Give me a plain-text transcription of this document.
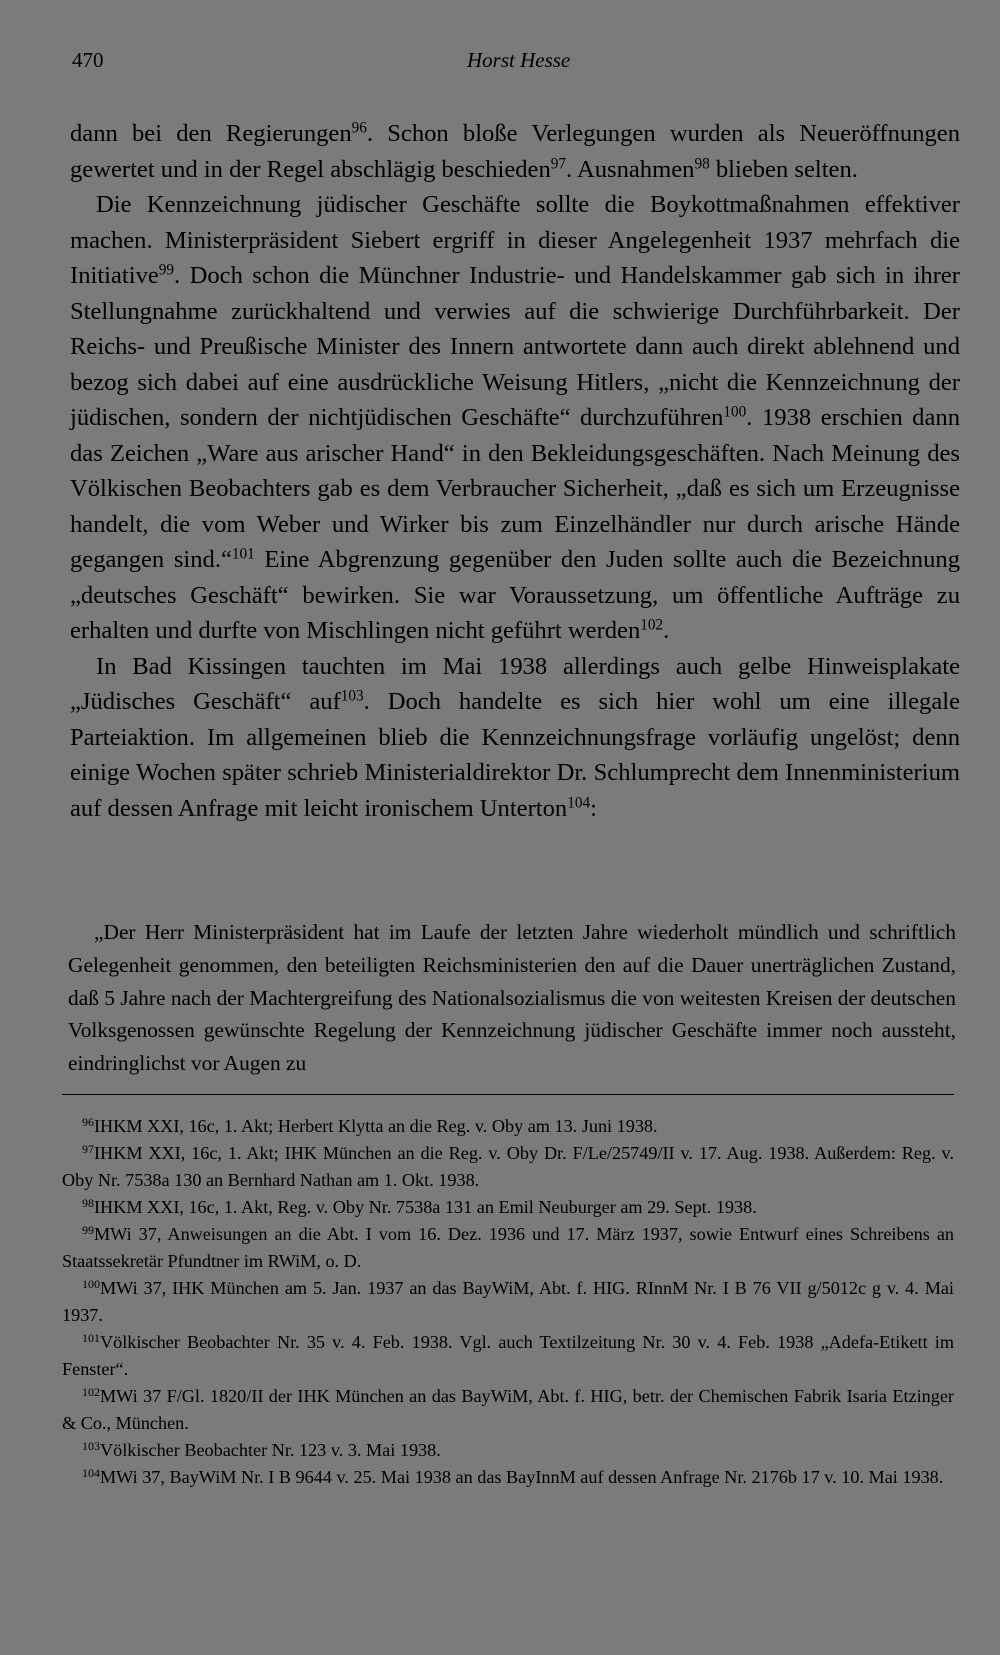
470	Horst Hesse

dann bei den Regierungen$^{96}$. Schon bloße Verlegungen wurden als Neueröffnungen gewertet und in der Regel abschlägig beschieden$^{97}$. Ausnahmen$^{98}$ blieben selten.

Die Kennzeichnung jüdischer Geschäfte sollte die Boykottmaßnahmen effektiver machen. Ministerpräsident Siebert ergriff in dieser Angelegenheit 1937 mehrfach die Initiative$^{99}$. Doch schon die Münchner Industrie- und Handelskammer gab sich in ihrer Stellungnahme zurückhaltend und verwies auf die schwierige Durchführbarkeit. Der Reichs- und Preußische Minister des Innern antwortete dann auch direkt ablehnend und bezog sich dabei auf eine ausdrückliche Weisung Hitlers, „nicht die Kennzeichnung der jüdischen, sondern der nichtjüdischen Geschäfte“ durchzuführen$^{100}$. 1938 erschien dann das Zeichen „Ware aus arischer Hand“ in den Bekleidungsgeschäften. Nach Meinung des Völkischen Beobachters gab es dem Verbraucher Sicherheit, „daß es sich um Erzeugnisse handelt, die vom Weber und Wirker bis zum Einzelhändler nur durch arische Hände gegangen sind.“$^{101}$ Eine Abgrenzung gegenüber den Juden sollte auch die Bezeichnung „deutsches Geschäft“ bewirken. Sie war Voraussetzung, um öffentliche Aufträge zu erhalten und durfte von Mischlingen nicht geführt werden$^{102}$.

In Bad Kissingen tauchten im Mai 1938 allerdings auch gelbe Hinweisplakate „Jüdisches Geschäft“ auf$^{103}$. Doch handelte es sich hier wohl um eine illegale Parteiaktion. Im allgemeinen blieb die Kennzeichnungsfrage vorläufig ungelöst; denn einige Wochen später schrieb Ministerialdirektor Dr. Schlumprecht dem Innenministerium auf dessen Anfrage mit leicht ironischem Unterton$^{104}$:

„Der Herr Ministerpräsident hat im Laufe der letzten Jahre wiederholt mündlich und schriftlich Gelegenheit genommen, den beteiligten Reichsministerien den auf die Dauer unerträglichen Zustand, daß 5 Jahre nach der Machtergreifung des Nationalsozialismus die von weitesten Kreisen der deutschen Volksgenossen gewünschte Regelung der Kennzeichnung jüdischer Geschäfte immer noch aussteht, eindringlichst vor Augen zu

$^{96}$IHKM XXI, 16c, 1. Akt; Herbert Klytta an die Reg. v. Oby am 13. Juni 1938.

$^{97}$IHKM XXI, 16c, 1. Akt; IHK München an die Reg. v. Oby Dr. F/Le/25749/II v. 17. Aug. 1938. Außerdem: Reg. v. Oby Nr. 7538a 130 an Bernhard Nathan am 1. Okt. 1938.

$^{98}$IHKM XXI, 16c, 1. Akt, Reg. v. Oby Nr. 7538a 131 an Emil Neuburger am 29. Sept. 1938.

$^{99}$MWi 37, Anweisungen an die Abt. I vom 16. Dez. 1936 und 17. März 1937, sowie Entwurf eines Schreibens an Staatssekretär Pfundtner im RWiM, o. D.

$^{100}$MWi 37, IHK München am 5. Jan. 1937 an das BayWiM, Abt. f. HIG. RInnM Nr. I B 76 VII g/5012c g v. 4. Mai 1937.

$^{101}$Völkischer Beobachter Nr. 35 v. 4. Feb. 1938. Vgl. auch Textilzeitung Nr. 30 v. 4. Feb. 1938 „Adefa-Etikett im Fenster“.

$^{102}$MWi 37 F/Gl. 1820/II der IHK München an das BayWiM, Abt. f. HIG, betr. der Chemischen Fabrik Isaria Etzinger & Co., München.

$^{103}$Völkischer Beobachter Nr. 123 v. 3. Mai 1938.

$^{104}$MWi 37, BayWiM Nr. I B 9644 v. 25. Mai 1938 an das BayInnM auf dessen Anfrage Nr. 2176b 17 v. 10. Mai 1938.
